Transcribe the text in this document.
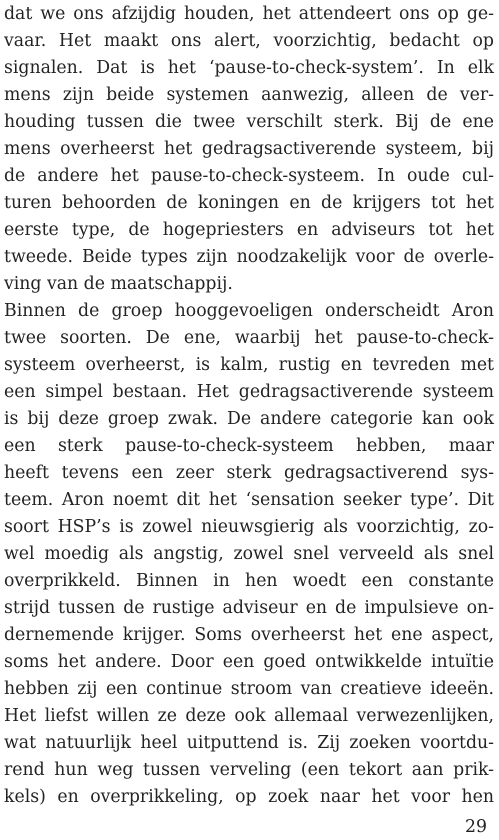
dat we ons afzijdig houden, het attendeert ons op ge-
vaar. Het maakt ons alert, voorzichtig, bedacht op
signalen. Dat is het ‘pause-to-check-system’. In elk
mens zijn beide systemen aanwezig, alleen de ver-
houding tussen die twee verschilt sterk. Bij de ene
mens overheerst het gedragsactiverende systeem, bij
de andere het pause-to-check-systeem. In oude cul-
turen behoorden de koningen en de krijgers tot het
eerste type, de hogepriesters en adviseurs tot het
tweede. Beide types zijn noodzakelijk voor de overle-
ving van de maatschappij.
Binnen de groep hooggevoeligen onderscheidt Aron
twee soorten. De ene, waarbij het pause-to-check-
systeem overheerst, is kalm, rustig en tevreden met
een simpel bestaan. Het gedragsactiverende systeem
is bij deze groep zwak. De andere categorie kan ook
een sterk pause-to-check-systeem hebben, maar
heeft tevens een zeer sterk gedragsactiverend sys-
teem. Aron noemt dit het ‘sensation seeker type’. Dit
soort HSP’s is zowel nieuwsgierig als voorzichtig, zo-
wel moedig als angstig, zowel snel verveeld als snel
overprikkeld. Binnen in hen woedt een constante
strijd tussen de rustige adviseur en de impulsieve on-
dernemende krijger. Soms overheerst het ene aspect,
soms het andere. Door een goed ontwikkelde intuïtie
hebben zij een continue stroom van creatieve ideeën.
Het liefst willen ze deze ook allemaal verwezenlijken,
wat natuurlijk heel uitputtend is. Zij zoeken voortdu-
rend hun weg tussen verveling (een tekort aan prik-
kels) en overprikkeling, op zoek naar het voor hen
29
